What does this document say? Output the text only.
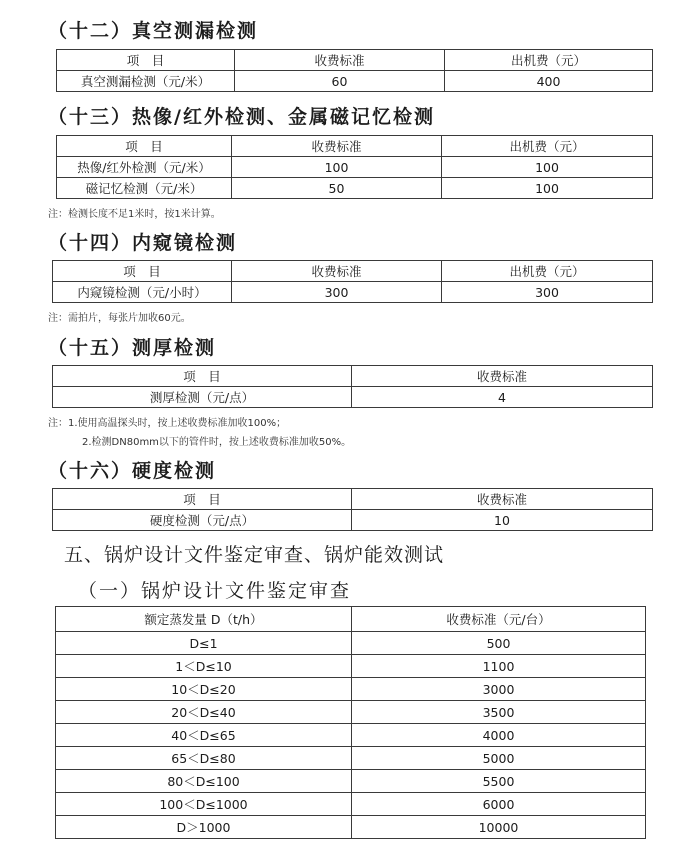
（十二）真空测漏检测
项　目	收费标准	出机费（元）
真空测漏检测（元/米）	60	400
（十三）热像/红外检测、金属磁记忆检测
项　目	收费标准	出机费（元）
热像/红外检测（元/米）	100	100
磁记忆检测（元/米）	50	100
注：检测长度不足1米时，按1米计算。
（十四）内窥镜检测
项　目	收费标准	出机费（元）
内窥镜检测（元/小时）	300	300
注：需拍片，每张片加收60元。
（十五）测厚检测
项　目	收费标准
测厚检测（元/点）	4
注：1.使用高温探头时，按上述收费标准加收100%；
2.检测DN80mm以下的管件时，按上述收费标准加收50%。
（十六）硬度检测
项　目	收费标准
硬度检测（元/点）	10
五、锅炉设计文件鉴定审查、锅炉能效测试
（一）锅炉设计文件鉴定审查
额定蒸发量 D（t/h）	收费标准（元/台）
D≤1	500
1＜D≤10	1100
10＜D≤20	3000
20＜D≤40	3500
40＜D≤65	4000
65＜D≤80	5000
80＜D≤100	5500
100＜D≤1000	6000
D＞1000	10000
